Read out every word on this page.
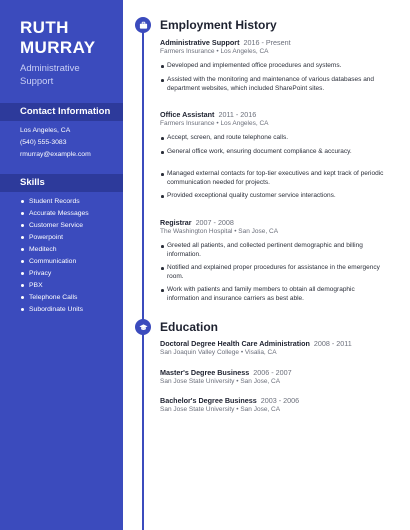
RUTH
MURRAY
Administrative Support
Contact Information
Los Angeles, CA
(540) 555-3083
rmurray@example.com
Skills
Student Records
Accurate Messages
Customer Service
Powerpoint
Meditech
Communication
Privacy
PBX
Telephone Calls
Subordinate Units
Employment History
Administrative Support 2016 - Present
Farmers Insurance • Los Angeles, CA
Developed and implemented office procedures and systems.
Assisted with the monitoring and maintenance of various databases and department websites, which included SharePoint sites.
Office Assistant 2011 - 2016
Farmers Insurance • Los Angeles, CA
Accept, screen, and route telephone calls.
General office work, ensuring document compliance & accuracy.
Managed external contacts for top-tier executives and kept track of periodic communication needed for projects.
Provided exceptional quality customer service interactions.
Registrar 2007 - 2008
The Washington Hospital • San Jose, CA
Greeted all patients, and collected pertinent demographic and billing information.
Notified and explained proper procedures for assistance in the emergency room.
Work with patients and family members to obtain all demographic information and insurance carriers as best able.
Education
Doctoral Degree Health Care Administration 2008 - 2011
San Joaquin Valley College • Visalia, CA
Master's Degree Business 2006 - 2007
San Jose State University • San Jose, CA
Bachelor's Degree Business 2003 - 2006
San Jose State University • San Jose, CA
